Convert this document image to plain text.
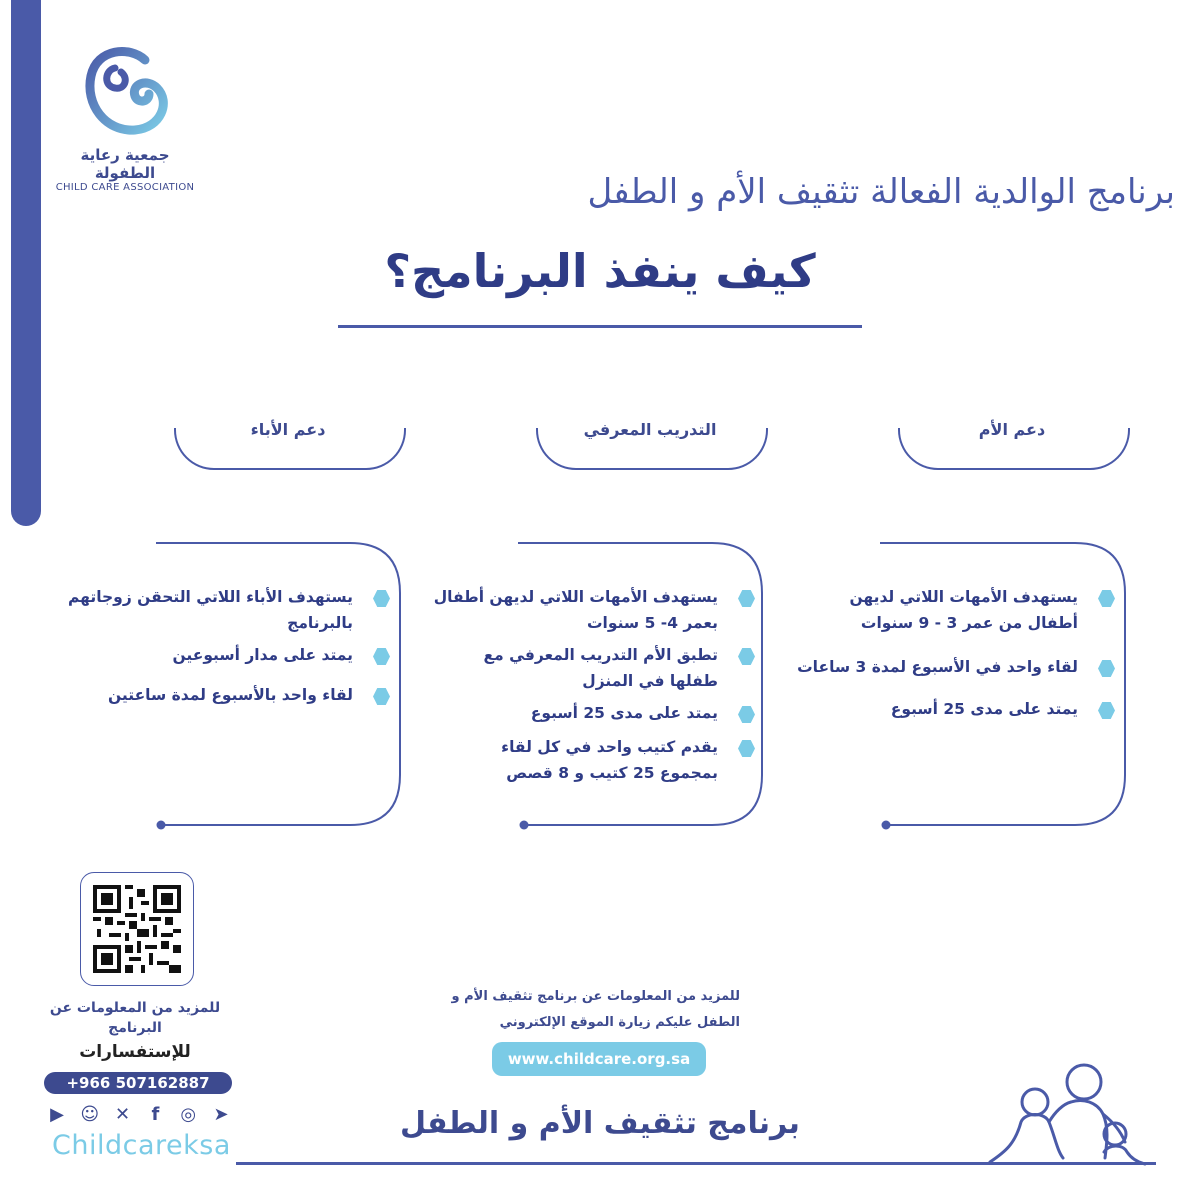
جمعية رعاية الطفولة
CHILD CARE ASSOCIATION	برنامج الوالدية الفعالة تثقيف الأم و الطفل
كيف ينفذ البرنامج؟
دعم الأم
التدريب المعرفي
دعم الأباء
يستهدف الأمهات اللاتي لديهن أطفال من عمر 3 - 9 سنوات
لقاء واحد في الأسبوع لمدة 3 ساعات
يمتد على مدى 25 أسبوع
يستهدف الأمهات اللاتي لديهن أطفال بعمر 4- 5 سنوات
تطبق الأم التدريب المعرفي مع طفلها في المنزل
يمتد على مدى 25 أسبوع
يقدم كتيب واحد في كل لقاء بمجموع 25 كتيب و 8 قصص
يستهدف الأباء اللاتي التحقن زوجاتهم بالبرنامج
يمتد على مدار أسبوعين
لقاء واحد بالأسبوع لمدة ساعتين
للمزيد من المعلومات عن البرنامج
للإستفسارات
+966 507162887
▶ ☺ ✕	f	◎ ➤
Childcareksa
للمزيد من المعلومات عن برنامج تثقيف الأم و الطفل عليكم زيارة الموقع الإلكتروني
www.childcare.org.sa
برنامج تثقيف الأم و الطفل
